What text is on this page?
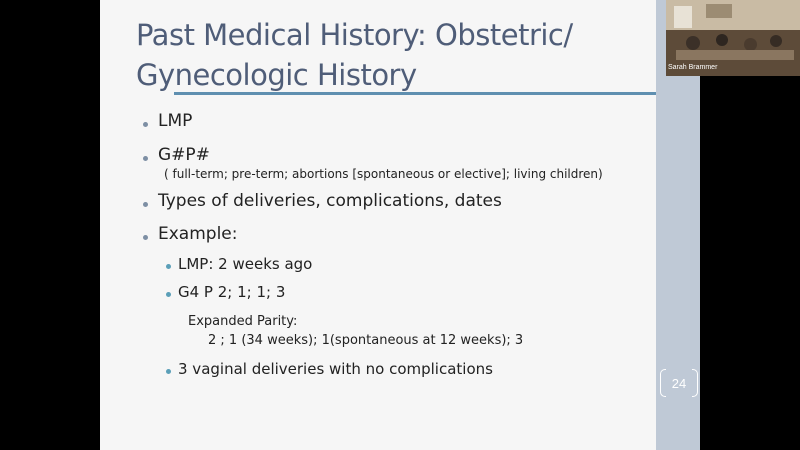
Past Medical History: Obstetric/
Gynecologic History
LMP
G#P#
( full-term; pre-term; abortions [spontaneous or elective]; living children)
Types of deliveries, complications, dates
Example:
LMP: 2 weeks ago
G4 P 2; 1; 1; 3
Expanded Parity:
2 ; 1 (34 weeks); 1(spontaneous at 12 weeks); 3
3 vaginal deliveries with no complications
24
Sarah Brammer
